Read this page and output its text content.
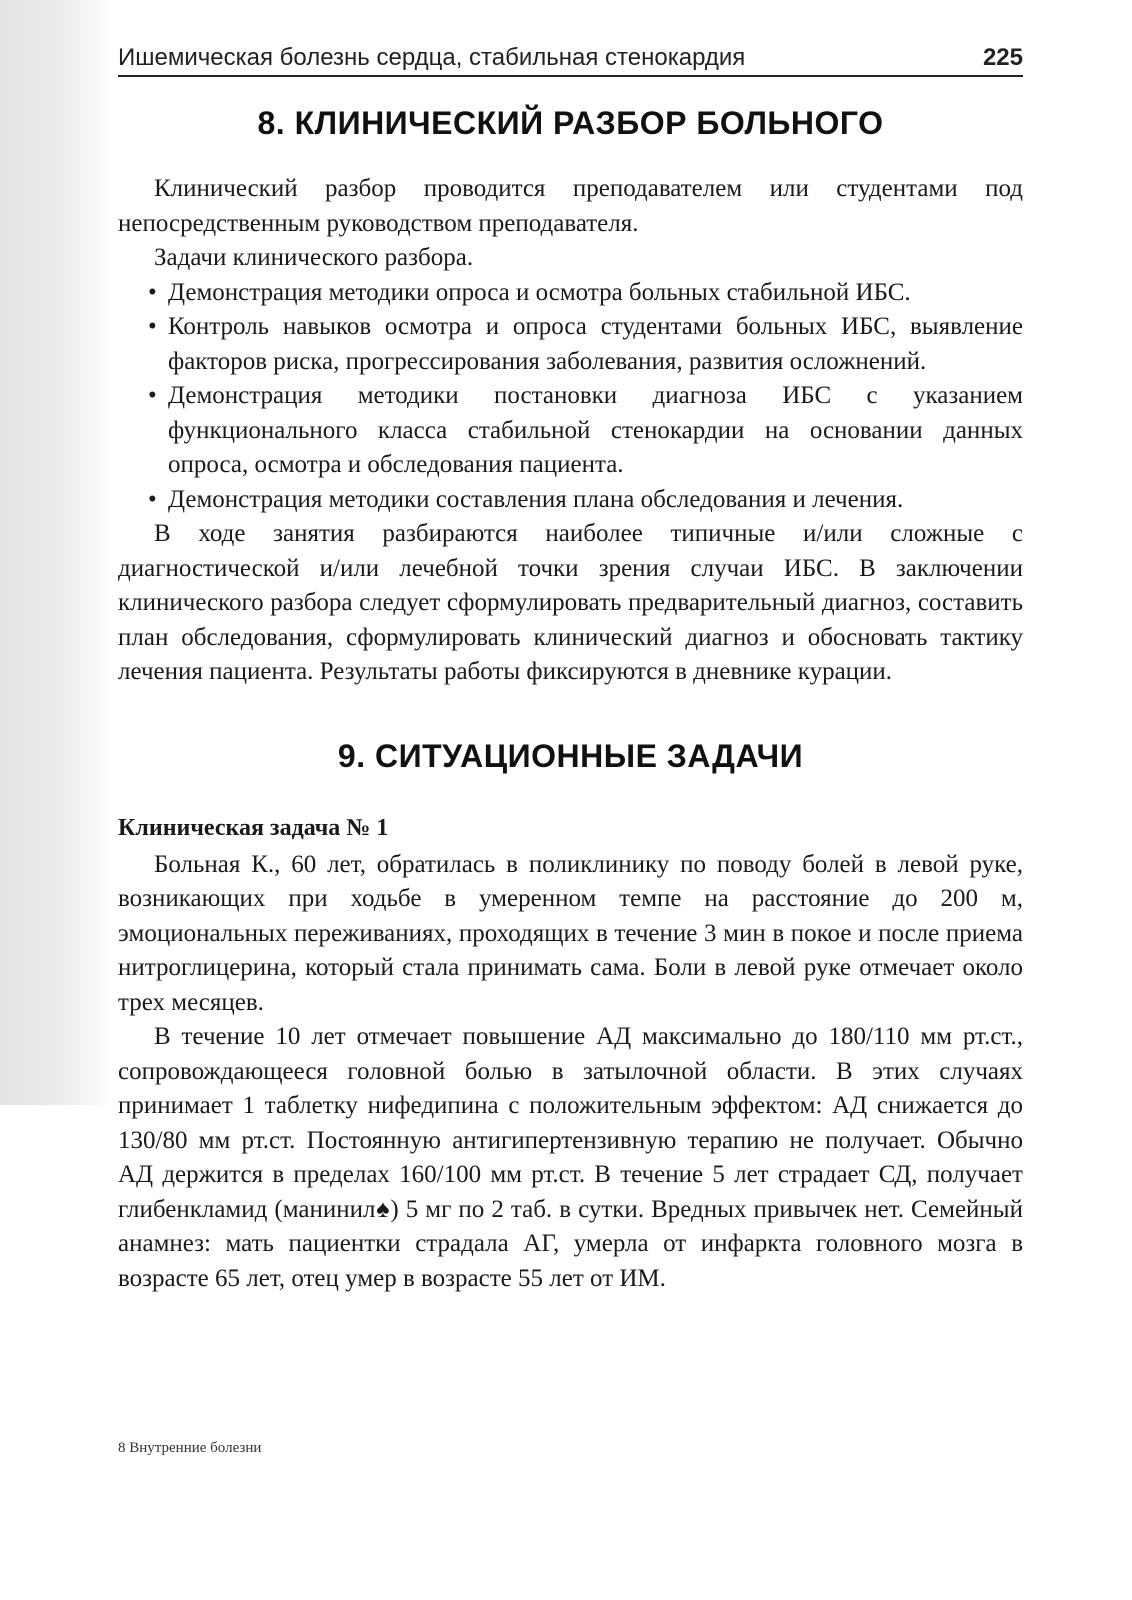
Ишемическая болезнь сердца, стабильная стенокардия	225
8. КЛИНИЧЕСКИЙ РАЗБОР БОЛЬНОГО

Клинический разбор проводится преподавателем или студентами под непосредственным руководством преподавателя.

Задачи клинического разбора.

• Демонстрация методики опроса и осмотра больных стабильной ИБС.
• Контроль навыков осмотра и опроса студентами больных ИБС, выявление факторов риска, прогрессирования заболевания, развития осложнений.
• Демонстрация методики постановки диагноза ИБС с указанием функционального класса стабильной стенокардии на основании данных опроса, осмотра и обследования пациента.
• Демонстрация методики составления плана обследования и лечения.

В ходе занятия разбираются наиболее типичные и/или сложные с диагностической и/или лечебной точки зрения случаи ИБС. В заключении клинического разбора следует сформулировать предварительный диагноз, составить план обследования, сформулировать клинический диагноз и обосновать тактику лечения пациента. Результаты работы фиксируются в дневнике курации.

9. СИТУАЦИОННЫЕ ЗАДАЧИ
Клиническая задача № 1

Больная К., 60 лет, обратилась в поликлинику по поводу болей в левой руке, возникающих при ходьбе в умеренном темпе на расстояние до 200 м, эмоциональных переживаниях, проходящих в течение 3 мин в покое и после приема нитроглицерина, который стала принимать сама. Боли в левой руке отмечает около трех месяцев.

В течение 10 лет отмечает повышение АД максимально до 180/110 мм рт.ст., сопровождающееся головной болью в затылочной области. В этих случаях принимает 1 таблетку нифедипина с положительным эффектом: АД снижается до 130/80 мм рт.ст. Постоянную антигипертензивную терапию не получает. Обычно АД держится в пределах 160/100 мм рт.ст. В течение 5 лет страдает СД, получает глибенкламид (манинил♠) 5 мг по 2 таб. в сутки. Вредных привычек нет. Семейный анамнез: мать пациентки страдала АГ, умерла от инфаркта головного мозга в возрасте 65 лет, отец умер в возрасте 55 лет от ИМ.

8 Внутренние болезни
